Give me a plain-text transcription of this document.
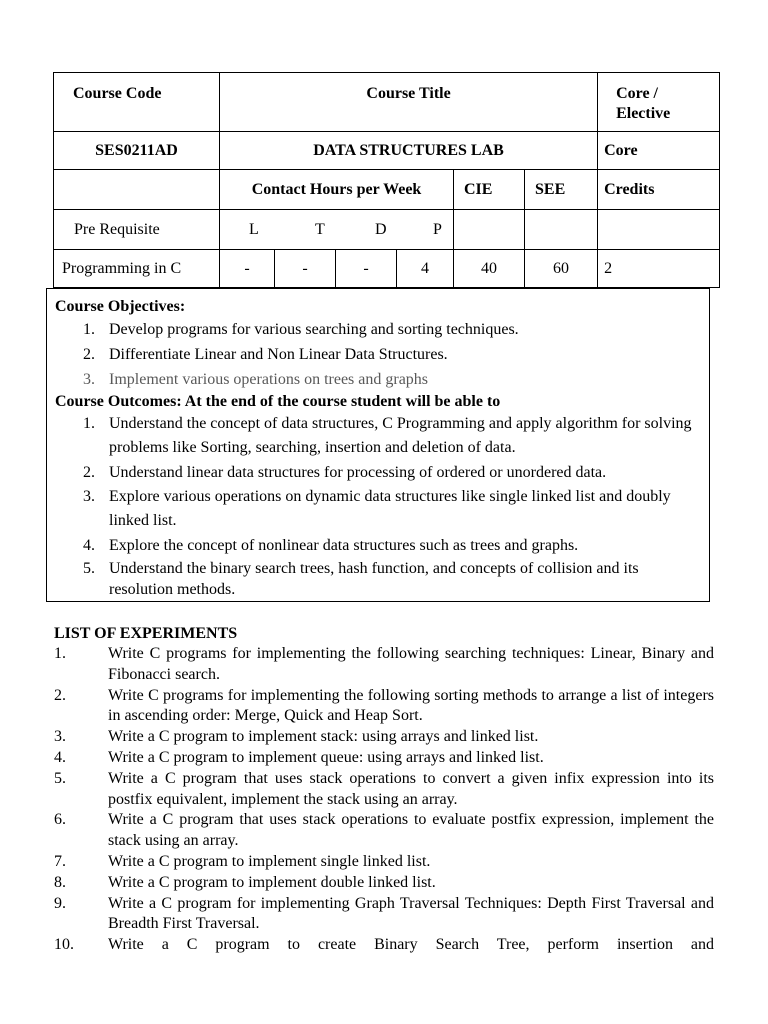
Course Code	Course Title						Core / Elective
SES0211AD	DATA STRUCTURES LAB						Core
	Contact Hours per Week				CIE	SEE	Credits
Pre Requisite	L T D P						

Programming in C	-	-	-	4	40	60	2
Course Objectives:
1. Develop programs for various searching and sorting techniques.
2. Differentiate Linear and Non Linear Data Structures.
3. Implement various operations on trees and graphs
Course Outcomes: At the end of the course student will be able to
1. Understand the concept of data structures, C Programming and apply algorithm for solving problems like Sorting, searching, insertion and deletion of data.
2. Understand linear data structures for processing of ordered or unordered data.
3. Explore various operations on dynamic data structures like single linked list and doubly linked list.
4. Explore the concept of nonlinear data structures such as trees and graphs.
5. Understand the binary search trees, hash function, and concepts of collision and its resolution methods.
LIST OF EXPERIMENTS
1.	Write C programs for implementing the following searching techniques: Linear, Binary and Fibonacci search.
2.	Write C programs for implementing the following sorting methods to arrange a list of integers in ascending order: Merge, Quick and Heap Sort.
3.	Write a C program to implement stack: using arrays and linked list.
4.	Write a C program to implement queue: using arrays and linked list.
5.	Write a C program that uses stack operations to convert a given infix expression into its postfix equivalent, implement the stack using an array.
6.	Write a C program that uses stack operations to evaluate postfix expression, implement the stack using an array.
7.	Write a C program to implement single linked list.
8.	Write a C program to implement double linked list.
9.	Write a C program for implementing Graph Traversal Techniques: Depth First Traversal and Breadth First Traversal.
10.	Write a C program to create Binary Search Tree, perform insertion and
